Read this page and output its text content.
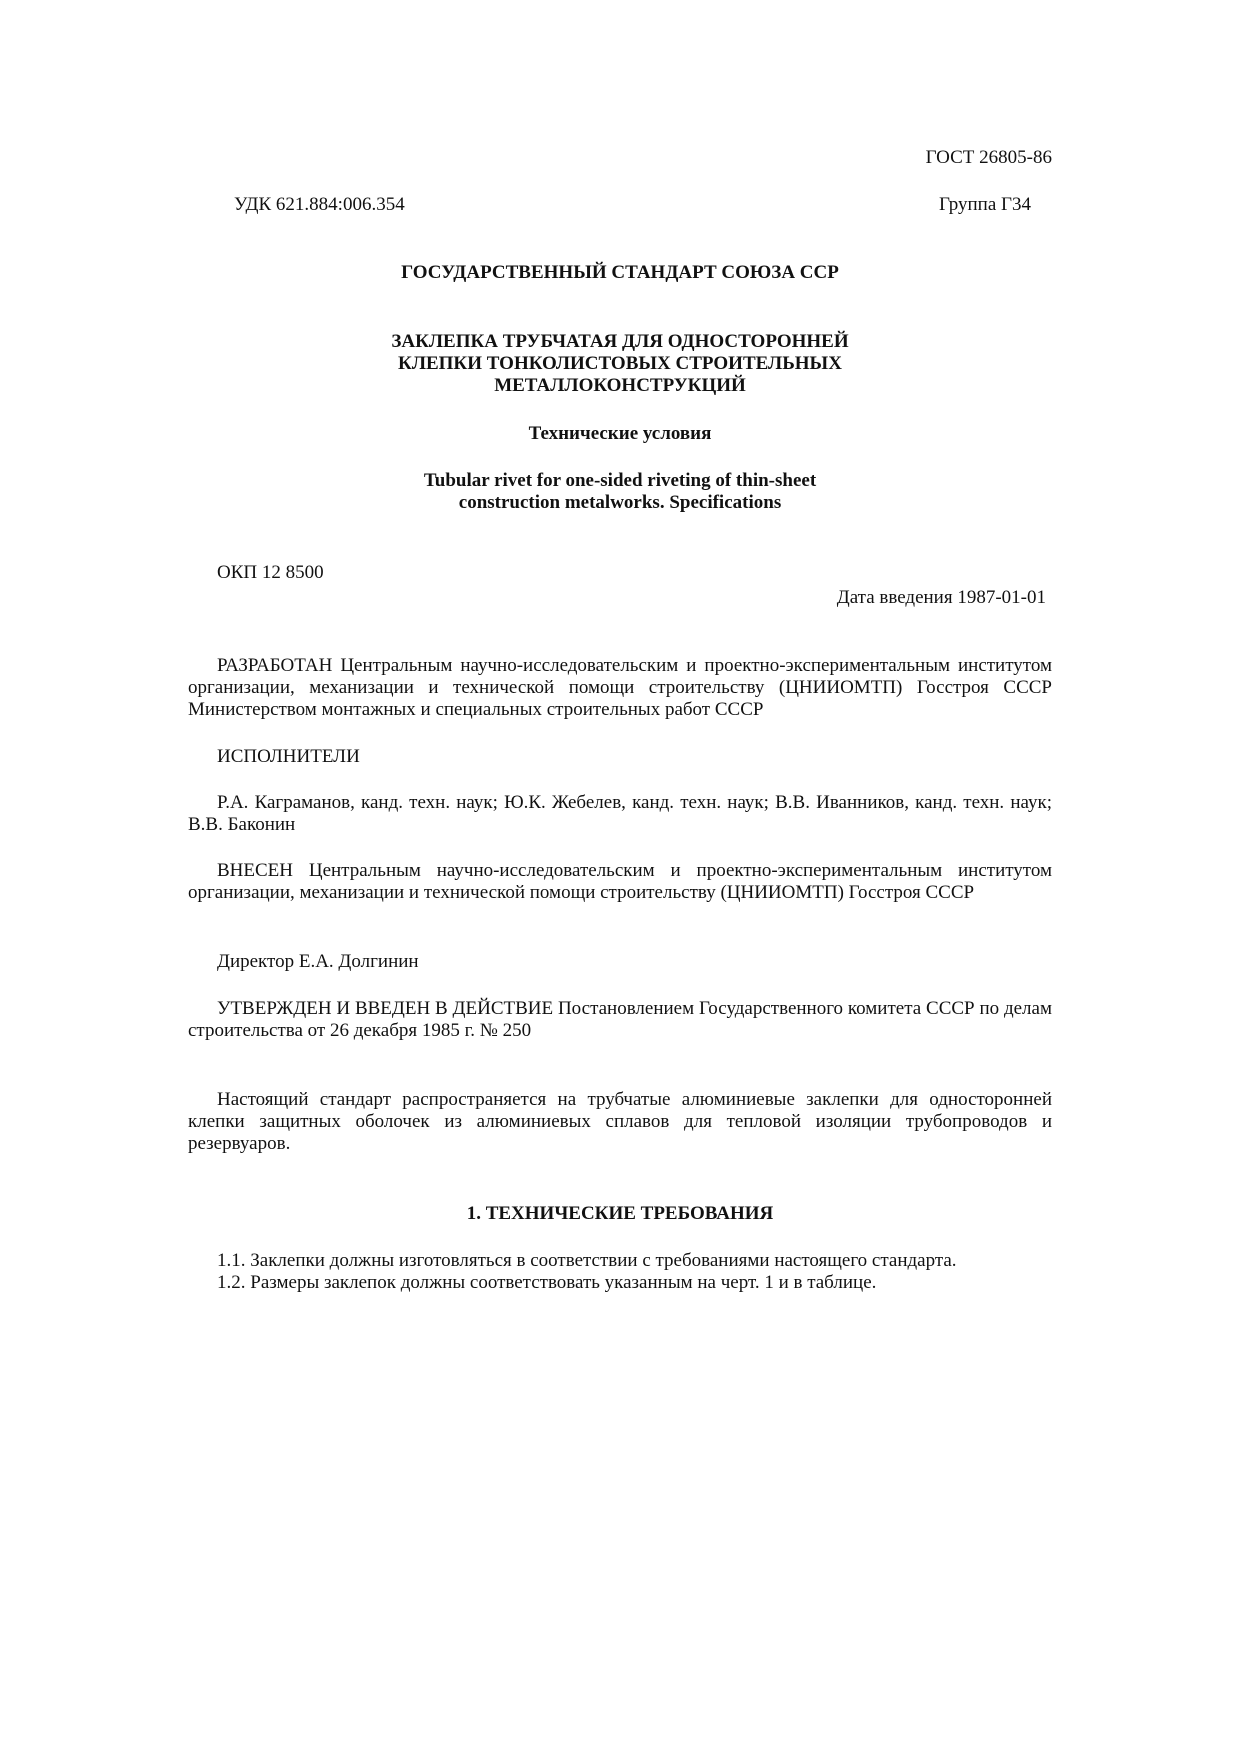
ГОСТ 26805-86
УДК 621.884:006.354	Группа Г34
ГОСУДАРСТВЕННЫЙ СТАНДАРТ СОЮЗА ССР
ЗАКЛЕПКА ТРУБЧАТАЯ ДЛЯ ОДНОСТОРОННЕЙ
КЛЕПКИ ТОНКОЛИСТОВЫХ СТРОИТЕЛЬНЫХ
МЕТАЛЛОКОНСТРУКЦИЙ
Технические условия
Tubular rivet for one-sided riveting of thin-sheet
construction metalworks. Specifications
ОКП 12 8500
Дата введения 1987-01-01
РАЗРАБОТАН Центральным научно-исследовательским и проектно-экспериментальным институтом организации, механизации и технической помощи строительству (ЦНИИОМТП) Госстроя СССР Министерством монтажных и специальных строительных работ СССР
ИСПОЛНИТЕЛИ
Р.А. Каграманов, канд. техн. наук; Ю.К. Жебелев, канд. техн. наук; В.В. Иванников, канд. техн. наук; В.В. Баконин
ВНЕСЕН Центральным научно-исследовательским и проектно-экспериментальным институтом организации, механизации и технической помощи строительству (ЦНИИОМТП) Госстроя СССР
Директор Е.А. Долгинин
УТВЕРЖДЕН И ВВЕДЕН В ДЕЙСТВИЕ Постановлением Государственного комитета СССР по делам строительства от 26 декабря 1985 г. № 250
Настоящий стандарт распространяется на трубчатые алюминиевые заклепки для односторонней клепки защитных оболочек из алюминиевых сплавов для тепловой изоляции трубопроводов и резервуаров.
1. ТЕХНИЧЕСКИЕ ТРЕБОВАНИЯ
1.1. Заклепки должны изготовляться в соответствии с требованиями настоящего стандарта.
1.2. Размеры заклепок должны соответствовать указанным на черт. 1 и в таблице.
